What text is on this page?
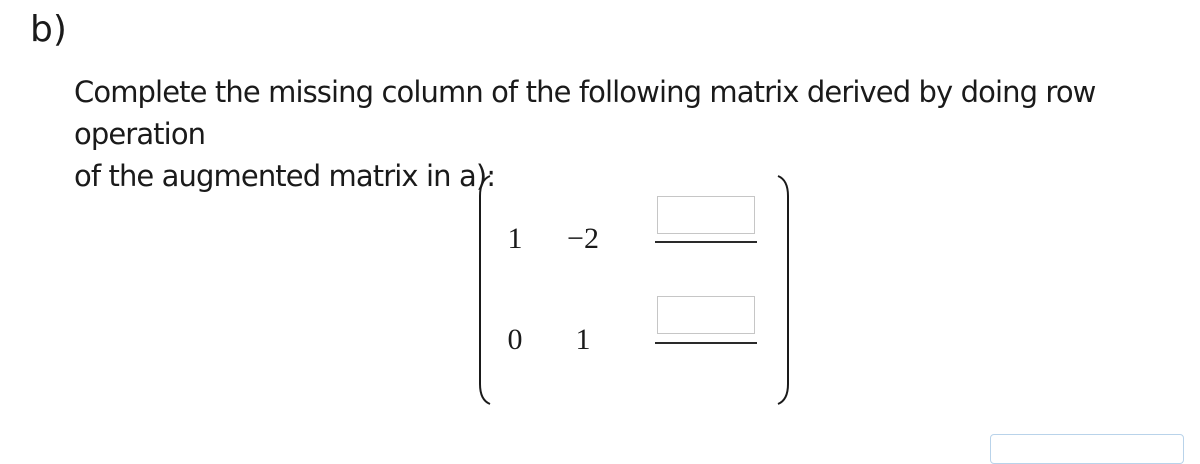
b)
Complete the missing column of the following matrix derived by doing row operation
of the augmented matrix in a):
1	−2
0	1
